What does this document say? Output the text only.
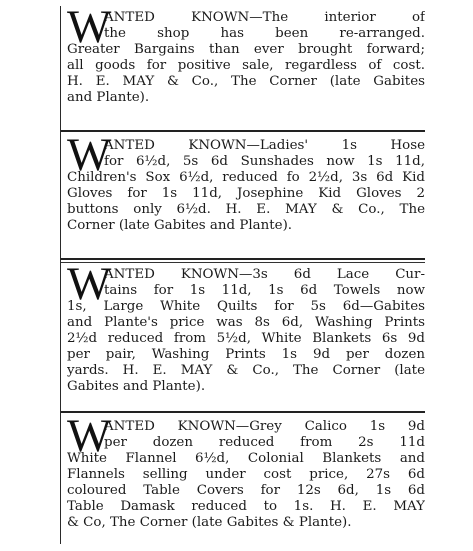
W
ANTED KNOWN—The interior of
the shop has been re-arranged.
Greater Bargains than ever brought forward;
all goods for positive sale, regardless of cost.
H. E. MAY & Co., The Corner (late Gabites
and Plante).
W
ANTED KNOWN—Ladies' 1s Hose
for 6½d, 5s 6d Sunshades now 1s 11d,
Children's Sox 6½d, reduced fo 2½d, 3s 6d Kid
Gloves for 1s 11d, Josephine Kid Gloves 2
buttons only 6½d. H. E. MAY & Co., The
Corner (late Gabites and Plante).
W
ANTED KNOWN—3s 6d Lace Cur-
tains for 1s 11d, 1s 6d Towels now
1s, Large White Quilts for 5s 6d—Gabites
and Plante's price was 8s 6d, Washing Prints
2½d reduced from 5½d, White Blankets 6s 9d
per pair, Washing Prints 1s 9d per dozen
yards. H. E. MAY & Co., The Corner (late
Gabites and Plante).
W
ANTED KNOWN—Grey Calico 1s 9d
per dozen reduced from 2s 11d
White Flannel 6½d, Colonial Blankets and
Flannels selling under cost price, 27s 6d
coloured Table Covers for 12s 6d, 1s 6d
Table Damask reduced to 1s. H. E. MAY
& Co, The Corner (late Gabites & Plante).
